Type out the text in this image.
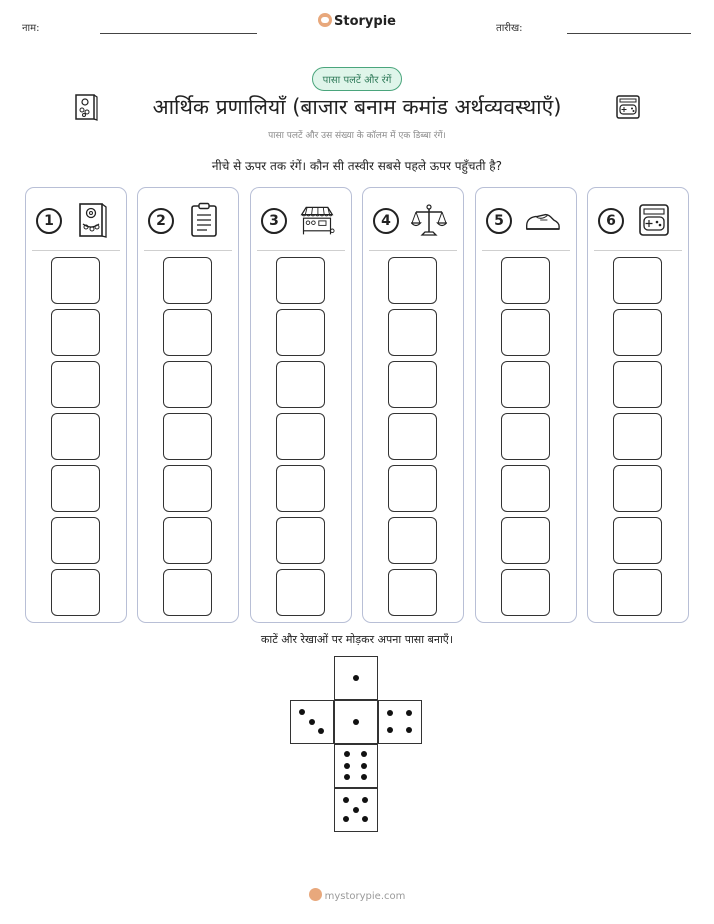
नाम:	Storypie	तारीख:
पासा पलटें और रंगें
आर्थिक प्रणालियाँ (बाजार बनाम कमांड अर्थव्यवस्थाएँ)
पासा पलटें और उस संख्या के कॉलम में एक डिब्बा रंगें।
नीचे से ऊपर तक रंगें। कौन सी तस्वीर सबसे पहले ऊपर पहुँचती है?
1	2	3	4	5	6
काटें और रेखाओं पर मोड़कर अपना पासा बनाएँ।
mystorypie.com
